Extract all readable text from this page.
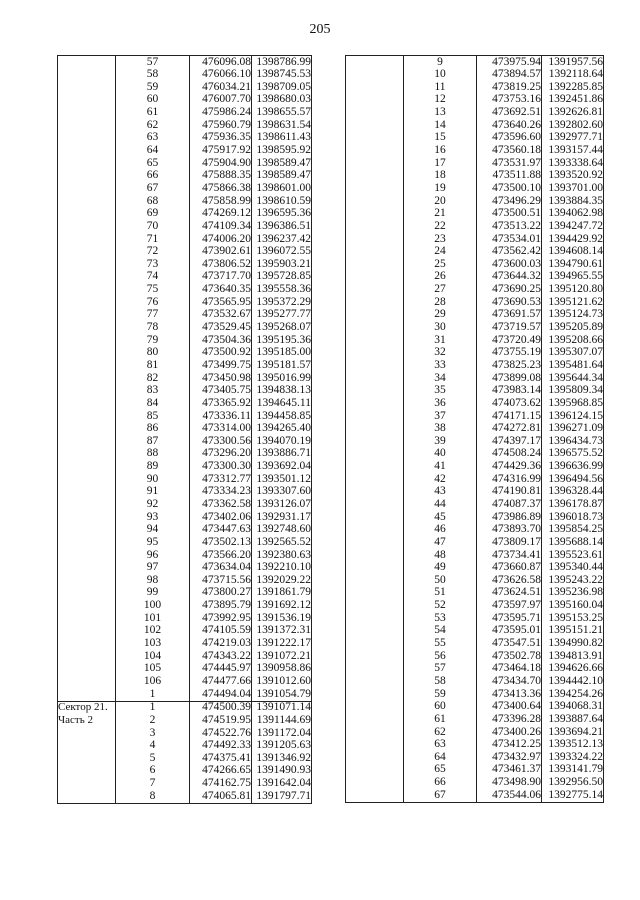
205
	57	476096.08	1398786.99
	58	476066.10	1398745.53
	59	476034.21	1398709.05
	60	476007.70	1398680.03
	61	475986.24	1398655.57
	62	475960.79	1398631.54
	63	475936.35	1398611.43
	64	475917.92	1398595.92
	65	475904.90	1398589.47
	66	475888.35	1398589.47
	67	475866.38	1398601.00
	68	475858.99	1398610.59
	69	474269.12	1396595.36
	70	474109.34	1396386.51
	71	474006.20	1396237.42
	72	473902.61	1396072.55
	73	473806.52	1395903.21
	74	473717.70	1395728.85
	75	473640.35	1395558.36
	76	473565.95	1395372.29
	77	473532.67	1395277.77
	78	473529.45	1395268.07
	79	473504.36	1395195.36
	80	473500.92	1395185.00
	81	473499.75	1395181.57
	82	473450.98	1395016.99
	83	473405.75	1394838.13
	84	473365.92	1394645.11
	85	473336.11	1394458.85
	86	473314.00	1394265.40
	87	473300.56	1394070.19
	88	473296.20	1393886.71
	89	473300.30	1393692.04
	90	473312.77	1393501.12
	91	473334.23	1393307.60
	92	473362.58	1393126.07
	93	473402.06	1392931.17
	94	473447.63	1392748.60
	95	473502.13	1392565.52
	96	473566.20	1392380.63
	97	473634.04	1392210.10
	98	473715.56	1392029.22
	99	473800.27	1391861.79
	100	473895.79	1391692.12
	101	473992.95	1391536.19
	102	474105.59	1391372.31
	103	474219.03	1391222.17
	104	474343.22	1391072.21
	105	474445.97	1390958.86
	106	474477.66	1391012.60
	1	474494.04	1391054.79
Сектор 21.	1	474500.39	1391071.14
Часть 2	2	474519.95	1391144.69
	3	474522.76	1391172.04
	4	474492.33	1391205.63
	5	474375.41	1391346.92
	6	474266.65	1391490.93
	7	474162.75	1391642.04
	8	474065.81	1391797.71
	9	473975.94	1391957.56
	10	473894.57	1392118.64
	11	473819.25	1392285.85
	12	473753.16	1392451.86
	13	473692.51	1392626.81
	14	473640.26	1392802.60
	15	473596.60	1392977.71
	16	473560.18	1393157.44
	17	473531.97	1393338.64
	18	473511.88	1393520.92
	19	473500.10	1393701.00
	20	473496.29	1393884.35
	21	473500.51	1394062.98
	22	473513.22	1394247.72
	23	473534.01	1394429.92
	24	473562.42	1394608.14
	25	473600.03	1394790.61
	26	473644.32	1394965.55
	27	473690.25	1395120.80
	28	473690.53	1395121.62
	29	473691.57	1395124.73
	30	473719.57	1395205.89
	31	473720.49	1395208.66
	32	473755.19	1395307.07
	33	473825.23	1395481.64
	34	473899.08	1395644.34
	35	473983.14	1395809.34
	36	474073.62	1395968.85
	37	474171.15	1396124.15
	38	474272.81	1396271.09
	39	474397.17	1396434.73
	40	474508.24	1396575.52
	41	474429.36	1396636.99
	42	474316.99	1396494.56
	43	474190.81	1396328.44
	44	474087.37	1396178.87
	45	473986.89	1396018.73
	46	473893.70	1395854.25
	47	473809.17	1395688.14
	48	473734.41	1395523.61
	49	473660.87	1395340.44
	50	473626.58	1395243.22
	51	473624.51	1395236.98
	52	473597.97	1395160.04
	53	473595.71	1395153.25
	54	473595.01	1395151.21
	55	473547.51	1394990.82
	56	473502.78	1394813.91
	57	473464.18	1394626.66
	58	473434.70	1394442.10
	59	473413.36	1394254.26
	60	473400.64	1394068.31
	61	473396.28	1393887.64
	62	473400.26	1393694.21
	63	473412.25	1393512.13
	64	473432.97	1393324.22
	65	473461.37	1393141.79
	66	473498.90	1392956.50
	67	473544.06	1392775.14
